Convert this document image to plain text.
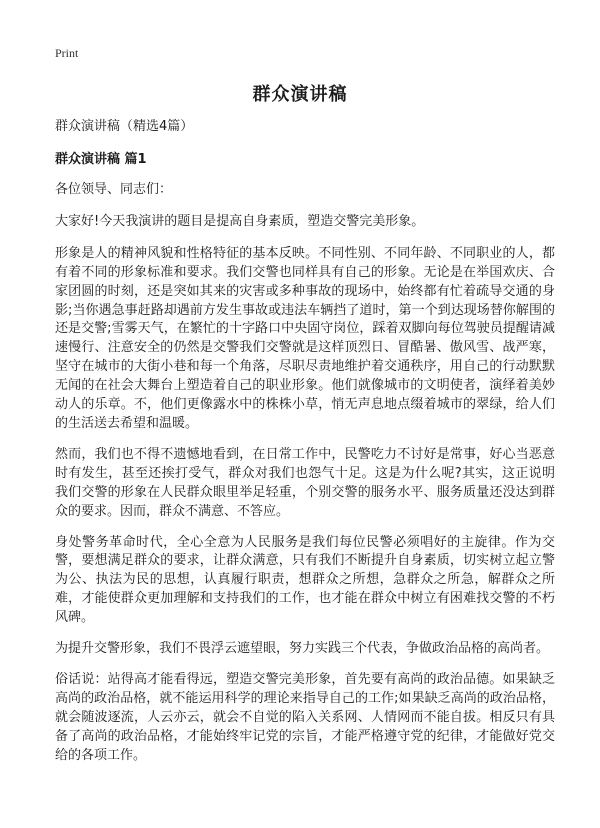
Print
群众演讲稿

群众演讲稿（精选4篇）

群众演讲稿 篇1

各位领导、同志们：

大家好!今天我演讲的题目是提高自身素质，塑造交警完美形象。

形象是人的精神风貌和性格特征的基本反映。不同性别、不同年龄、不同职业的人，都有着不同的形象标准和要求。我们交警也同样具有自己的形象。无论是在举国欢庆、合家团圆的时刻，还是突如其来的灾害或多种事故的现场中，始终都有忙着疏导交通的身影;当你遇急事赶路却遇前方发生事故或违法车辆挡了道时，第一个到达现场替你解围的还是交警;雪雾天气，在繁忙的十字路口中央固守岗位，踩着双脚向每位驾驶员提醒请减速慢行、注意安全的仍然是交警我们交警就是这样顶烈日、冒酷暑、傲风雪、战严寒，坚守在城市的大街小巷和每一个角落，尽职尽责地维护着交通秩序，用自己的行动默默无闻的在社会大舞台上塑造着自己的职业形象。他们就像城市的文明使者，演绎着美妙动人的乐章。不，他们更像露水中的株株小草，悄无声息地点缀着城市的翠绿，给人们的生活送去希望和温暖。

然而，我们也不得不遗憾地看到，在日常工作中，民警吃力不讨好是常事，好心当恶意时有发生，甚至还挨打受气，群众对我们也怨气十足。这是为什么呢?其实，这正说明我们交警的形象在人民群众眼里举足轻重，个别交警的服务水平、服务质量还没达到群众的要求。因而，群众不满意、不答应。

身处警务革命时代，全心全意为人民服务是我们每位民警必须唱好的主旋律。作为交警，要想满足群众的要求，让群众满意，只有我们不断提升自身素质，切实树立起立警为公、执法为民的思想，认真履行职责，想群众之所想，急群众之所急，解群众之所难，才能使群众更加理解和支持我们的工作，也才能在群众中树立有困难找交警的不朽风碑。

为提升交警形象，我们不畏浮云遮望眼，努力实践三个代表，争做政治品格的高尚者。

俗话说：站得高才能看得远，塑造交警完美形象，首先要有高尚的政治品德。如果缺乏高尚的政治品格，就不能运用科学的理论来指导自己的工作;如果缺乏高尚的政治品格，就会随波逐流，人云亦云，就会不自觉的陷入关系网、人情网而不能自拔。相反只有具备了高尚的政治品格，才能始终牢记党的宗旨，才能严格遵守党的纪律，才能做好党交给的各项工作。
